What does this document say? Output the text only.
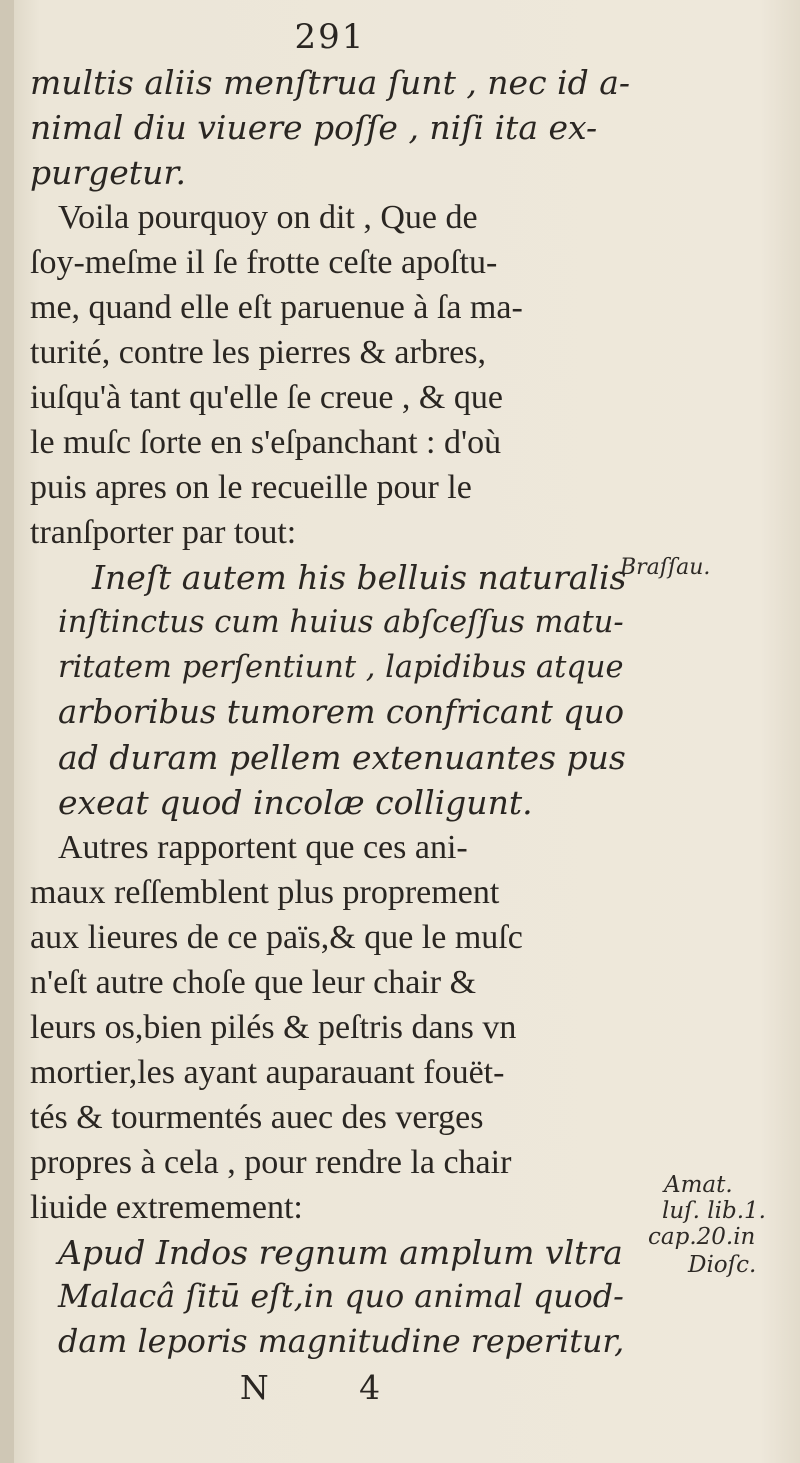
291
multis aliis menſtrua ſunt , nec id a-
nimal diu viuere poſſe , niſi ita ex-
purgetur.
Voila pourquoy on dit , Que de
ſoy-meſme il ſe frotte ceſte apoſtu-
me, quand elle eſt paruenue à ſa ma-
turité, contre les pierres & arbres,
iuſqu'à tant qu'elle ſe creue , & que
le muſc ſorte en s'eſpanchant : d'où
puis apres on le recueille pour le
tranſporter par tout:
Ineſt autem his belluis naturalis
inſtinctus cum huius abſceſſus matu-
ritatem perſentiunt , lapidibus atque
arboribus tumorem confricant quo
ad duram pellem extenuantes pus
exeat quod incolæ colligunt.
Autres rapportent que ces ani-
maux reſſemblent plus proprement
aux lieures de ce païs,& que le muſc
n'eſt autre choſe que leur chair &
leurs os,bien pilés & peſtris dans vn
mortier,les ayant auparauant fouët-
tés & tourmentés auec des verges
propres à cela , pour rendre la chair
liuide extremement:
Apud Indos regnum amplum vltra
Malacâ ſitū eſt,in quo animal quod-
dam leporis magnitudine reperitur,
N 4
Braſſau.
Amat.
luſ. lib.1.
cap.20.in
Dioſc.
